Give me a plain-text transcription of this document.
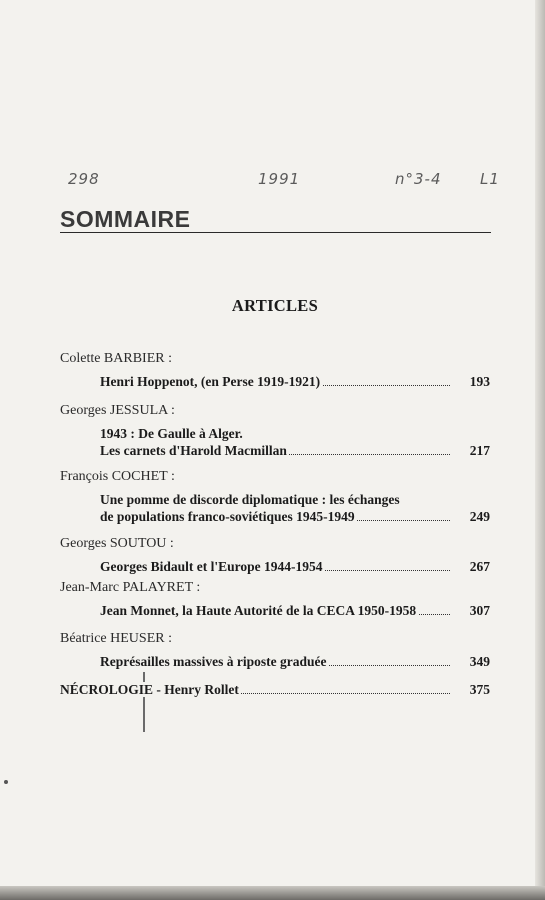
298	1991	n°3-4	L1
SOMMAIRE
ARTICLES
Colette BARBIER :
Henri Hoppenot, (en Perse 1919-1921)	193
Georges JESSULA :
1943 : De Gaulle à Alger.
Les carnets d'Harold Macmillan	217
François COCHET :
Une pomme de discorde diplomatique : les échanges
de populations franco-soviétiques 1945-1949	249
Georges SOUTOU :
Georges Bidault et l'Europe 1944-1954	267
Jean-Marc PALAYRET :
Jean Monnet, la Haute Autorité de la CECA 1950-1958	307
Béatrice HEUSER :
Représailles massives à riposte graduée	349
NÉCROLOGIE - Henry Rollet	375
